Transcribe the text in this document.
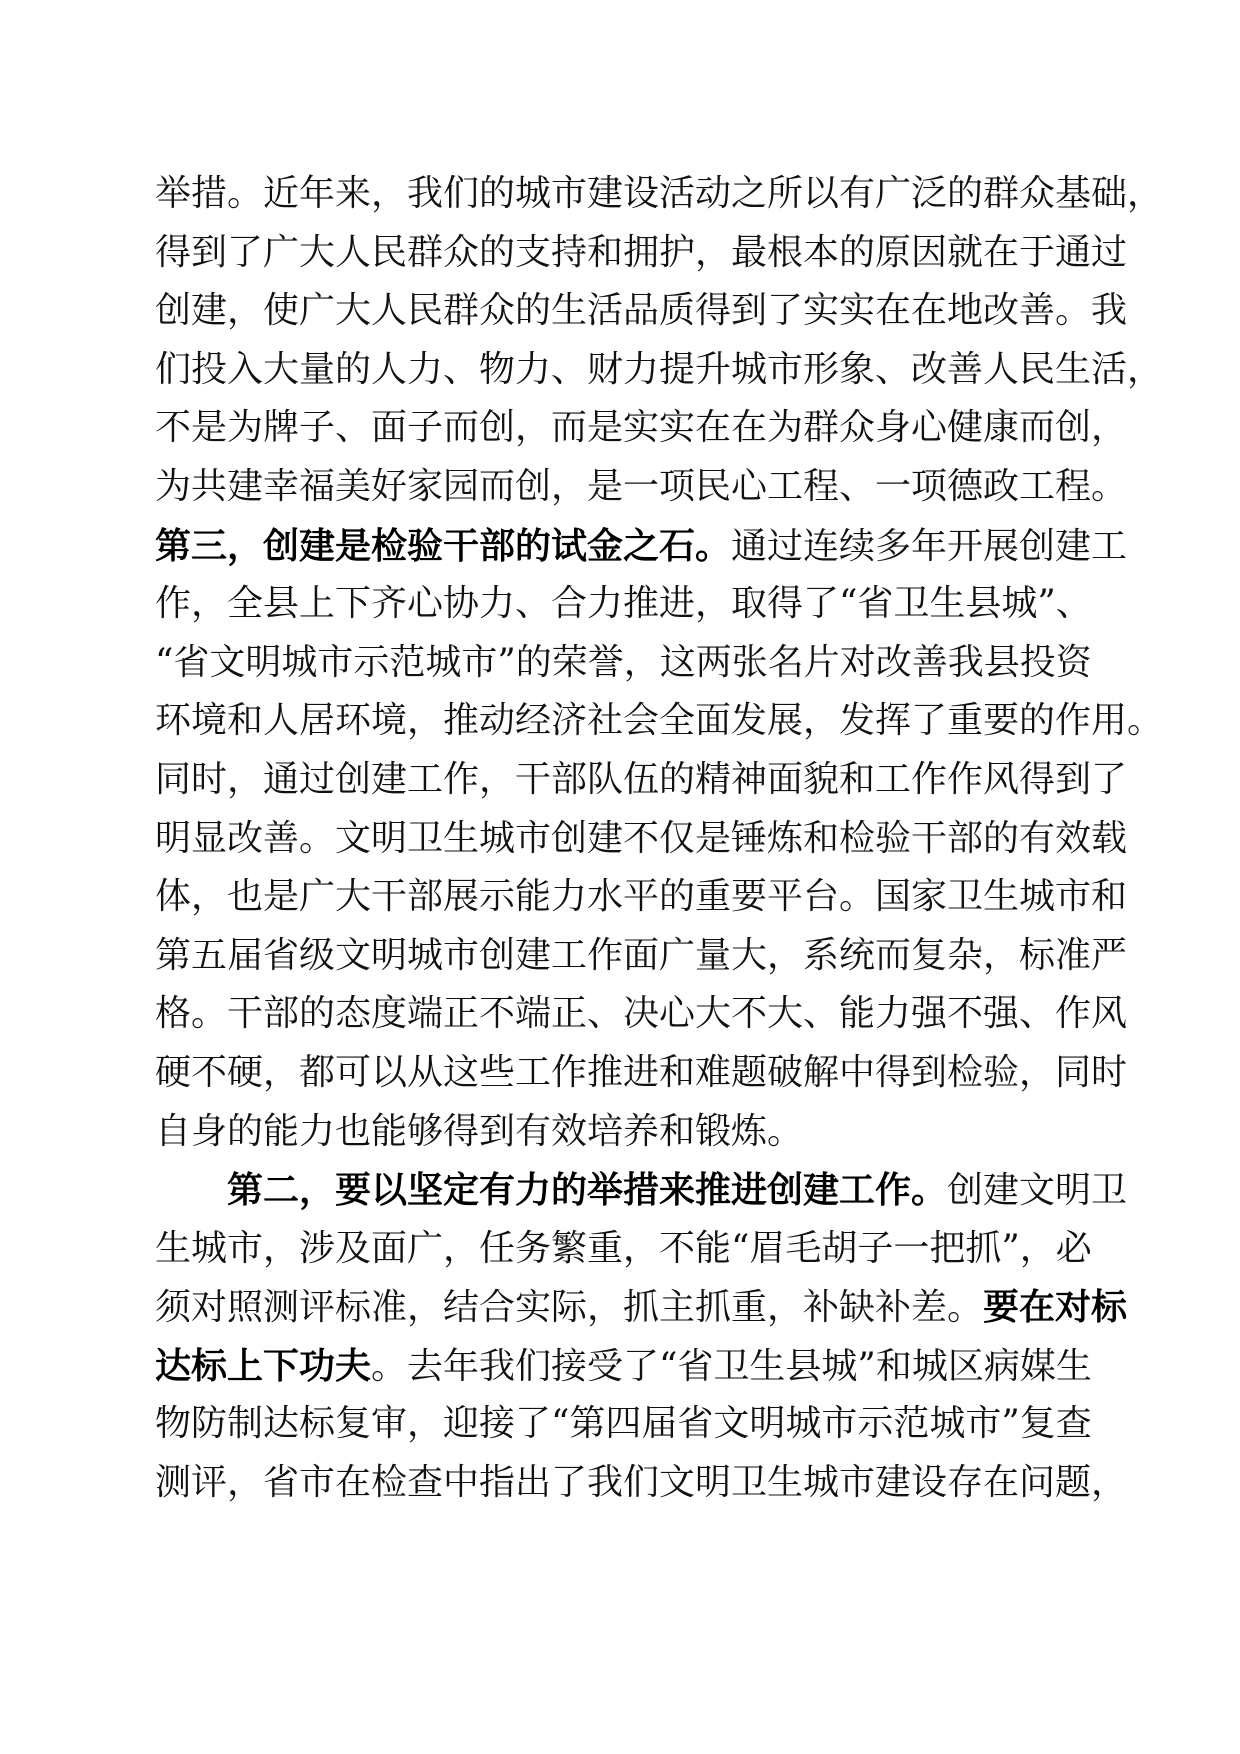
举措。近年来，我们的城市建设活动之所以有广泛的群众基础，
得到了广大人民群众的支持和拥护，最根本的原因就在于通过
创建，使广大人民群众的生活品质得到了实实在在地改善。我
们投入大量的人力、物力、财力提升城市形象、改善人民生活，
不是为牌子、面子而创，而是实实在在为群众身心健康而创，
为共建幸福美好家园而创，是一项民心工程、一项德政工程。
第三，创建是检验干部的试金之石。通过连续多年开展创建工
作，全县上下齐心协力、合力推进，取得了“省卫生县城”、
“省文明城市示范城市”的荣誉，这两张名片对改善我县投资
环境和人居环境，推动经济社会全面发展，发挥了重要的作用。
同时，通过创建工作，干部队伍的精神面貌和工作作风得到了
明显改善。文明卫生城市创建不仅是锤炼和检验干部的有效载
体，也是广大干部展示能力水平的重要平台。国家卫生城市和
第五届省级文明城市创建工作面广量大，系统而复杂，标准严
格。干部的态度端正不端正、决心大不大、能力强不强、作风
硬不硬，都可以从这些工作推进和难题破解中得到检验，同时
自身的能力也能够得到有效培养和锻炼。
第二，要以坚定有力的举措来推进创建工作。创建文明卫
生城市，涉及面广，任务繁重，不能“眉毛胡子一把抓”，必
须对照测评标准，结合实际，抓主抓重，补缺补差。要在对标
达标上下功夫。去年我们接受了“省卫生县城”和城区病媒生
物防制达标复审，迎接了“第四届省文明城市示范城市”复查
测评，省市在检查中指出了我们文明卫生城市建设存在问题，
